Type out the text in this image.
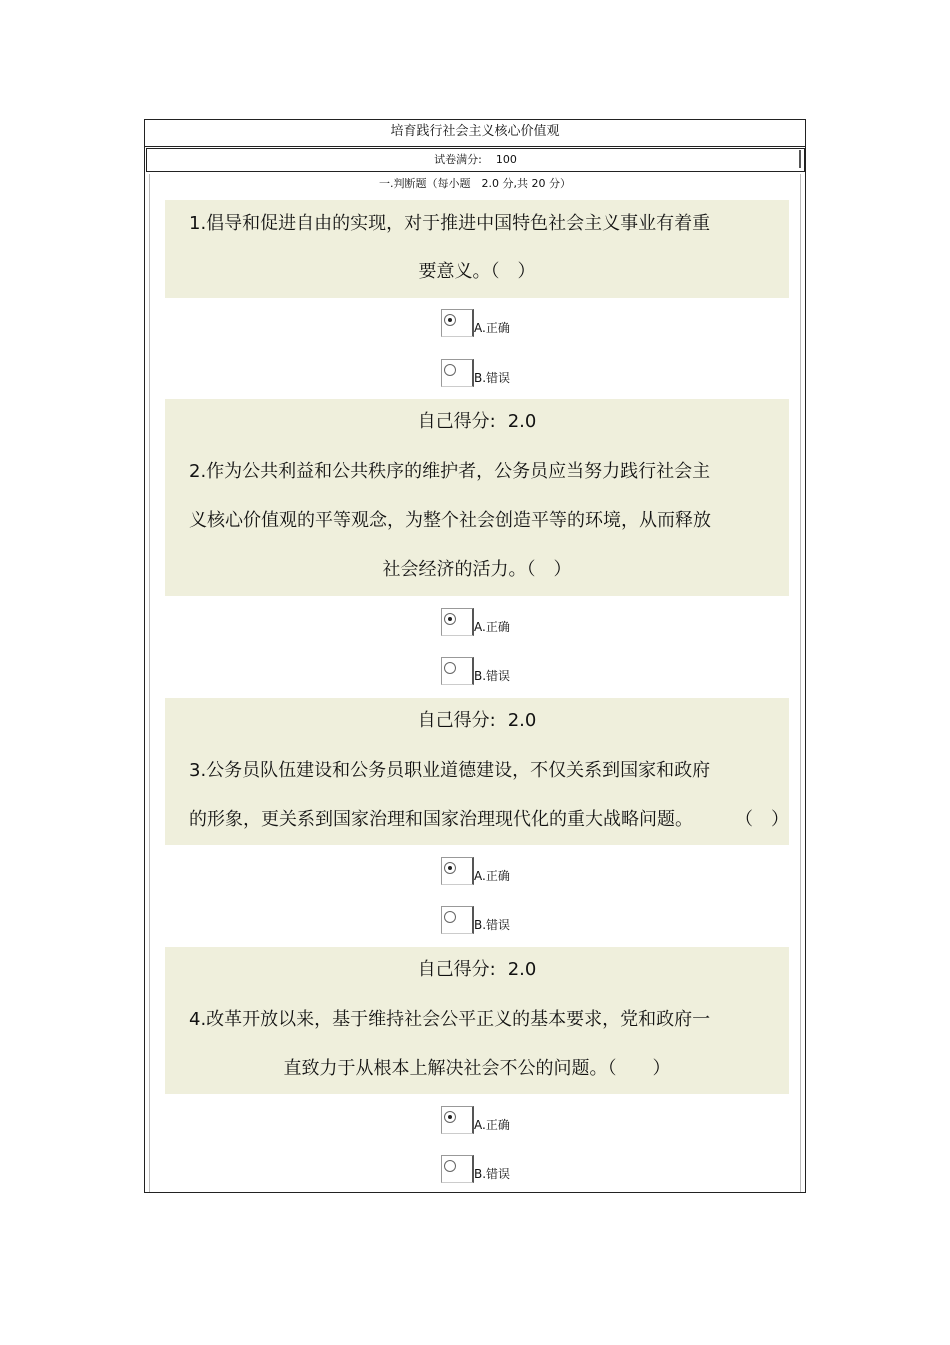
培育践行社会主义核心价值观
试卷满分: 100
一.判断题（每小题　2.0 分,共 20 分）
1.倡导和促进自由的实现，对于推进中国特色社会主义事业有着重
要意义。（　）
A.正确
B.错误
自己得分: 2.0
2.作为公共利益和公共秩序的维护者，公务员应当努力践行社会主
义核心价值观的平等观念，为整个社会创造平等的环境，从而释放
社会经济的活力。（　）
A.正确
B.错误
自己得分: 2.0
3.公务员队伍建设和公务员职业道德建设，不仅关系到国家和政府
的形象，更关系到国家治理和国家治理现代化的重大战略问题。 （　）
A.正确
B.错误
自己得分: 2.0
4.改革开放以来，基于维持社会公平正义的基本要求，党和政府一
直致力于从根本上解决社会不公的问题。（　　）
A.正确
B.错误
